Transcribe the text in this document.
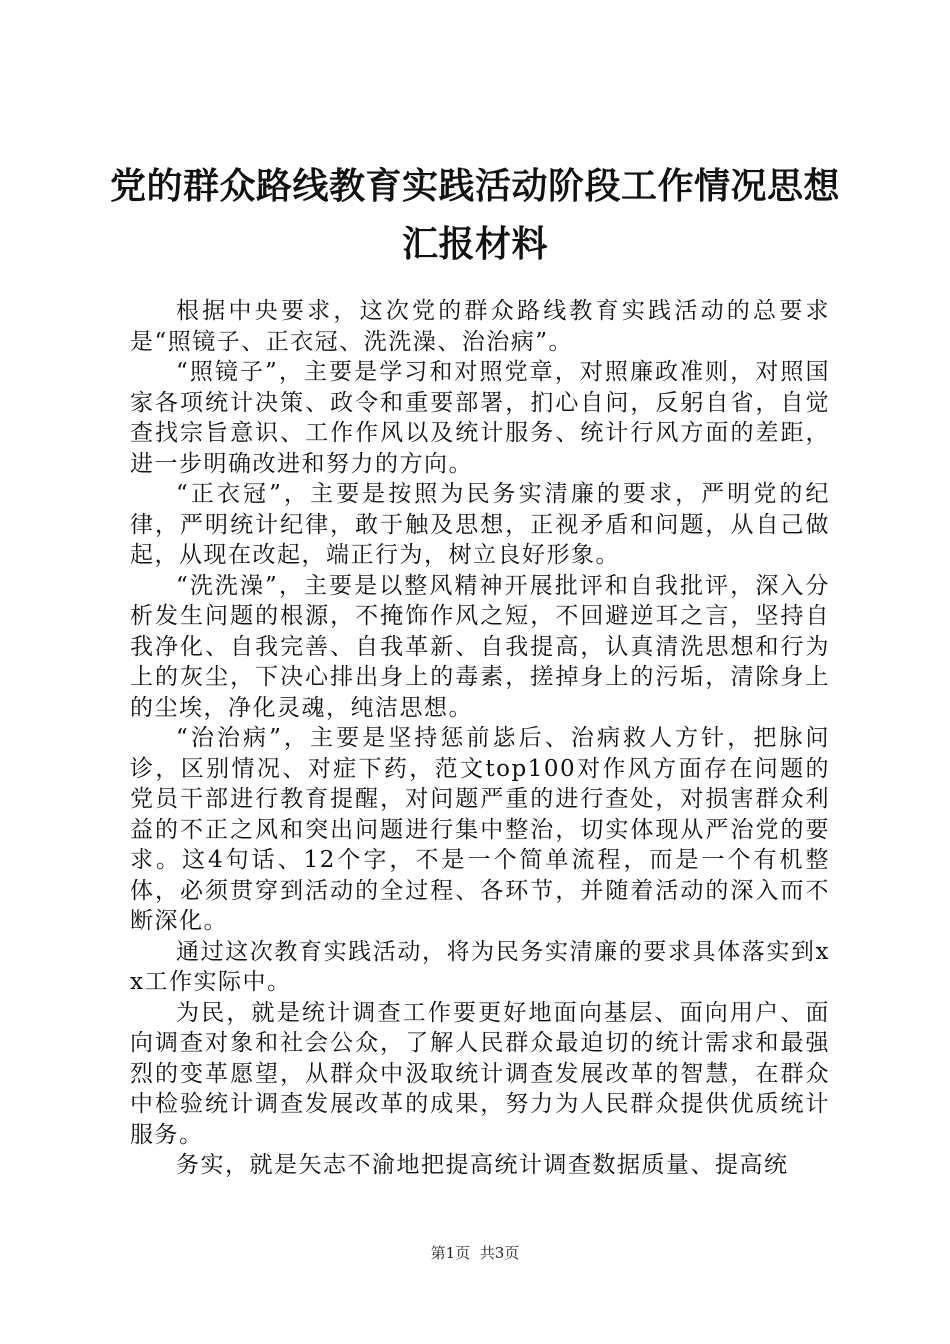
党的群众路线教育实践活动阶段工作情况思想汇报材料

根据中央要求，这次党的群众路线教育实践活动的总要求是“照镜子、正衣冠、洗洗澡、治治病”。

“照镜子”，主要是学习和对照党章，对照廉政准则，对照国家各项统计决策、政令和重要部署，扪心自问，反躬自省，自觉查找宗旨意识、工作作风以及统计服务、统计行风方面的差距，进一步明确改进和努力的方向。

“正衣冠”，主要是按照为民务实清廉的要求，严明党的纪律，严明统计纪律，敢于触及思想，正视矛盾和问题，从自己做起，从现在改起，端正行为，树立良好形象。

“洗洗澡”，主要是以整风精神开展批评和自我批评，深入分析发生问题的根源，不掩饰作风之短，不回避逆耳之言，坚持自我净化、自我完善、自我革新、自我提高，认真清洗思想和行为上的灰尘，下决心排出身上的毒素，搓掉身上的污垢，清除身上的尘埃，净化灵魂，纯洁思想。

“治治病”，主要是坚持惩前毖后、治病救人方针，把脉问诊，区别情况、对症下药，范文top100对作风方面存在问题的党员干部进行教育提醒，对问题严重的进行查处，对损害群众利益的不正之风和突出问题进行集中整治，切实体现从严治党的要求。这4句话、12个字，不是一个简单流程，而是一个有机整体，必须贯穿到活动的全过程、各环节，并随着活动的深入而不断深化。

通过这次教育实践活动，将为民务实清廉的要求具体落实到xx工作实际中。

为民，就是统计调查工作要更好地面向基层、面向用户、面向调查对象和社会公众，了解人民群众最迫切的统计需求和最强烈的变革愿望，从群众中汲取统计调查发展改革的智慧，在群众中检验统计调查发展改革的成果，努力为人民群众提供优质统计服务。

务实，就是矢志不渝地把提高统计调查数据质量、提高统

第1页 共3页
